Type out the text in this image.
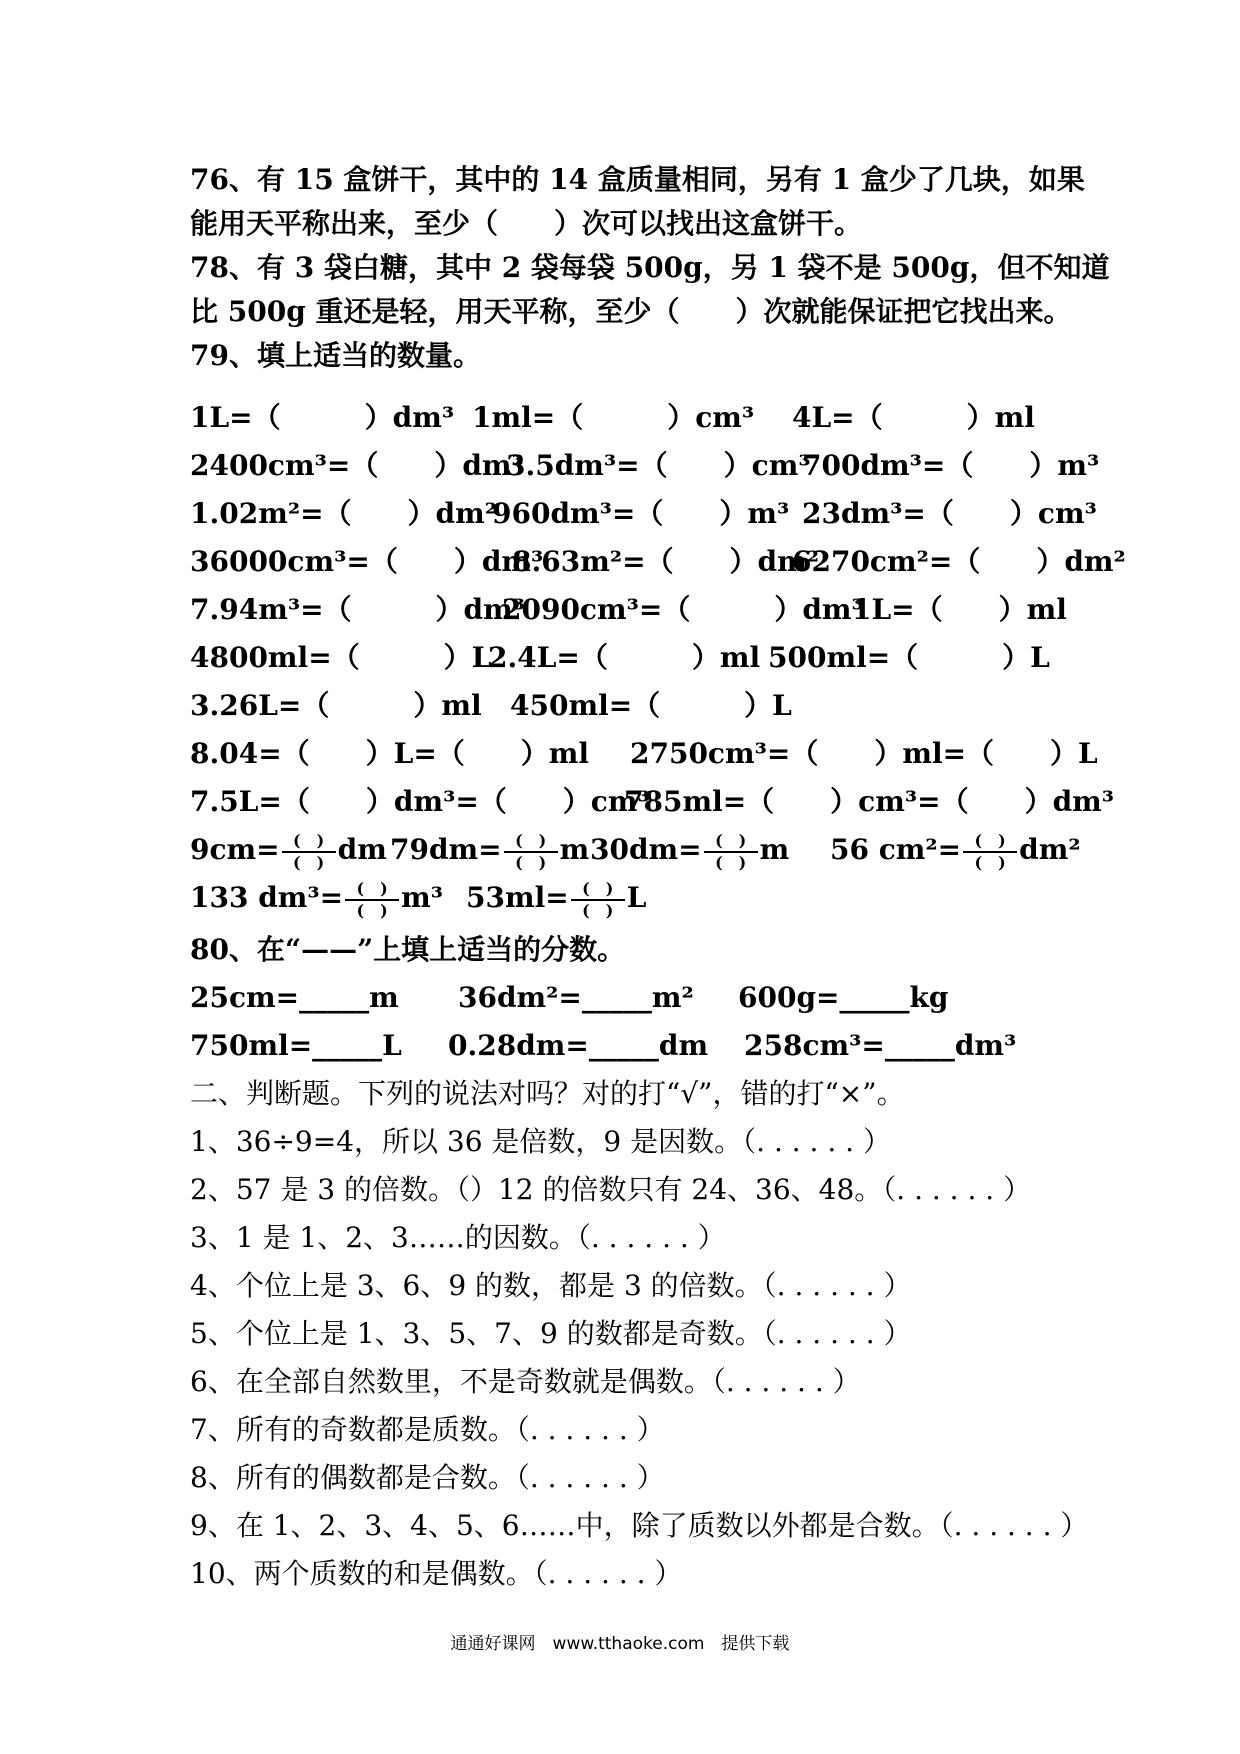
76、有 15 盒饼干，其中的 14 盒质量相同，另有 1 盒少了几块，如果
能用天平称出来，至少（　　）次可以找出这盒饼干。
78、有 3 袋白糖，其中 2 袋每袋 500g，另 1 袋不是 500g，但不知道
比 500g 重还是轻，用天平称，至少（　　）次就能保证把它找出来。
79、填上适当的数量。
1L=（　　　）dm³ 1ml=（　　　）cm³ 4L=（　　　）ml
2400cm³=（　　）dm³
3.5dm³=（　　）cm³
700dm³=（　　）m³
1.02m²=（　　）dm²
960dm³=（　　）m³ 23dm³=（　　）cm³
36000cm³=（　　）dm³
8.63m²=（　　）dm²
6270cm²=（　　）dm²
7.94m³=（　　　）dm³
2090cm³=（　　　）dm³
1L=（　　）ml
4800ml=（　　　）L
2.4L=（　　　）ml 500ml=（　　　）L
3.26L=（　　　）ml 450ml=（　　　）L
8.04=（　　）L=（　　）ml 2750cm³=（　　）ml=（　　）L
7.5L=（　　）dm³=（　　）cm³
785ml=（　　）cm³=（　　）dm³
$9cm= \frac{( )}{( )}$ dm $79dm= \frac{( )}{( )}$ m $30dm= \frac{( )}{( )}$ m 56 $cm^2= \frac{( )}{( )} dm^2$
133 $dm^3= \frac{( )}{( )} m^3$ $53ml= \frac{( )}{( )}$ L
80、在“——”上填上适当的分数。
25cm=_____m 36dm²=_____m² 600g=_____kg
750ml=_____L 0.28dm=_____dm 258cm³=_____dm³
二、判断题。下列的说法对吗？对的打“√”，错的打“×”。
1、36÷9=4，所以 36 是倍数，9 是因数。（. . . . . . ）
2、57 是 3 的倍数。（）12 的倍数只有 24、36、48。（. . . . . . ）
3、1 是 1、2、3……的因数。（. . . . . . ）
4、个位上是 3、6、9 的数，都是 3 的倍数。（. . . . . . ）
5、个位上是 1、3、5、7、9 的数都是奇数。（. . . . . . ）
6、在全部自然数里，不是奇数就是偶数。（. . . . . . ）
7、所有的奇数都是质数。（. . . . . . ）
8、所有的偶数都是合数。（. . . . . . ）
9、在 1、2、3、4、5、6……中，除了质数以外都是合数。（. . . . . . ）
10、两个质数的和是偶数。（. . . . . . ）
通通好课网　www.tthaoke.com　提供下载
